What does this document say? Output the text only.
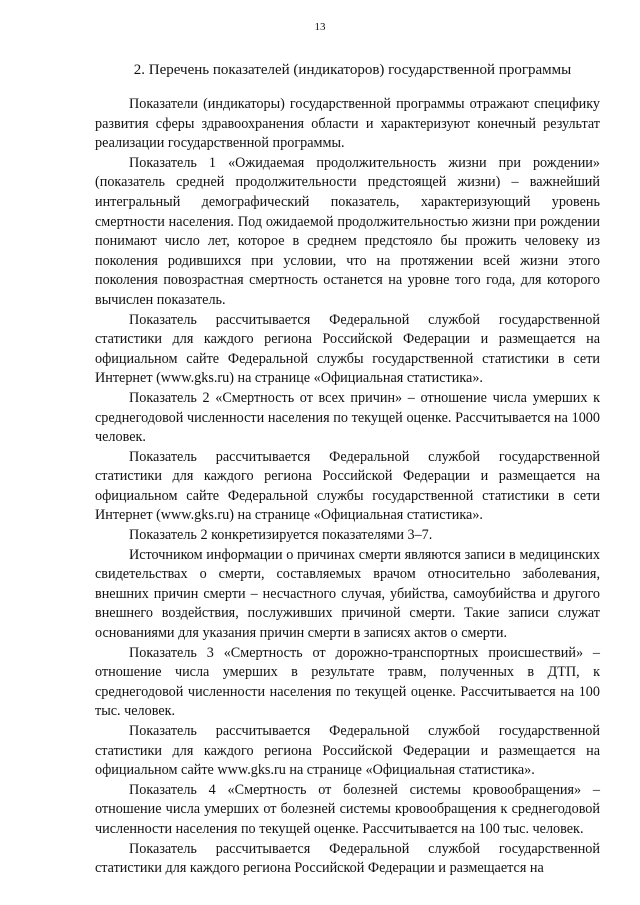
13
2. Перечень показателей (индикаторов) государственной программы

Показатели (индикаторы) государственной программы отражают специфику развития сферы здравоохранения области и характеризуют конечный результат реализации государственной программы.

Показатель 1 «Ожидаемая продолжительность жизни при рождении» (показатель средней продолжительности предстоящей жизни) – важнейший интегральный демографический показатель, характеризующий уровень смертности населения. Под ожидаемой продолжительностью жизни при рождении понимают число лет, которое в среднем предстояло бы прожить человеку из поколения родившихся при условии, что на протяжении всей жизни этого поколения повозрастная смертность останется на уровне того года, для которого вычислен показатель.

Показатель рассчитывается Федеральной службой государственной статистики для каждого региона Российской Федерации и размещается на официальном сайте Федеральной службы государственной статистики в сети Интернет (www.gks.ru) на странице «Официальная статистика».

Показатель 2 «Смертность от всех причин» – отношение числа умерших к среднегодовой численности населения по текущей оценке. Рассчитывается на 1000 человек.

Показатель рассчитывается Федеральной службой государственной статистики для каждого региона Российской Федерации и размещается на официальном сайте Федеральной службы государственной статистики в сети Интернет (www.gks.ru) на странице «Официальная статистика».

Показатель 2 конкретизируется показателями 3–7.

Источником информации о причинах смерти являются записи в медицинских свидетельствах о смерти, составляемых врачом относительно заболевания, внешних причин смерти – несчастного случая, убийства, самоубийства и другого внешнего воздействия, послуживших причиной смерти. Такие записи служат основаниями для указания причин смерти в записях актов о смерти.

Показатель 3 «Смертность от дорожно-транспортных происшествий» – отношение числа умерших в результате травм, полученных в ДТП, к среднегодовой численности населения по текущей оценке. Рассчитывается на 100 тыс. человек.

Показатель рассчитывается Федеральной службой государственной статистики для каждого региона Российской Федерации и размещается на официальном сайте www.gks.ru на странице «Официальная статистика».

Показатель 4 «Смертность от болезней системы кровообращения» – отношение числа умерших от болезней системы кровообращения к среднегодовой численности населения по текущей оценке. Рассчитывается на 100 тыс. человек.

Показатель рассчитывается Федеральной службой государственной статистики для каждого региона Российской Федерации и размещается на
